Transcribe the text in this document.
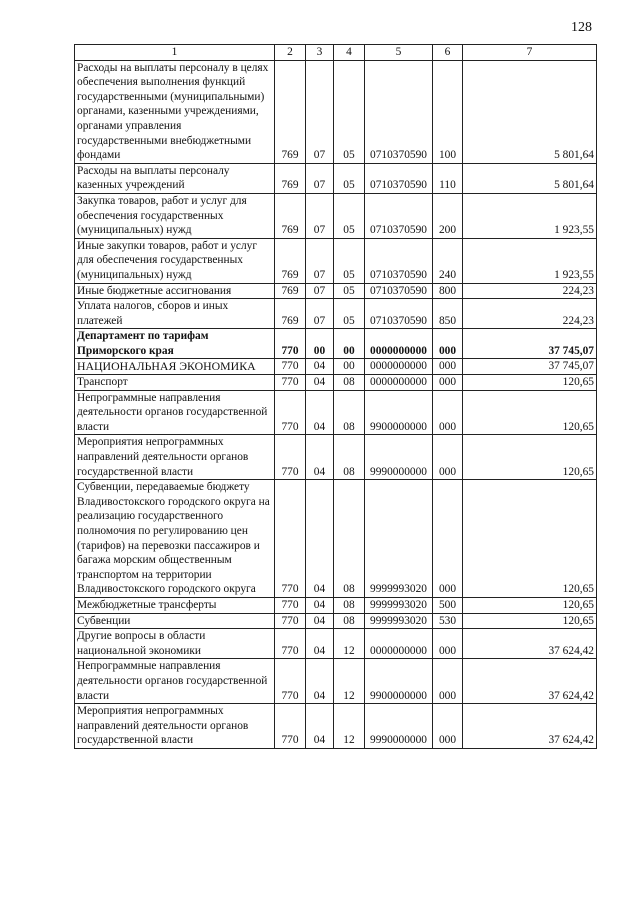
128
1	2	3	4	5	6	7
Расходы на выплаты персоналу в целях обеспечения выполнения функций государственными (муниципальными) органами, казенными учреждениями, органами управления государственными внебюджетными фондами	769	07	05	0710370590	100	5 801,64
Расходы на выплаты персоналу казенных учреждений	769	07	05	0710370590	110	5 801,64
Закупка товаров, работ и услуг для обеспечения государственных (муниципальных) нужд	769	07	05	0710370590	200	1 923,55
Иные закупки товаров, работ и услуг для обеспечения государственных (муниципальных) нужд	769	07	05	0710370590	240	1 923,55
Иные бюджетные ассигнования	769	07	05	0710370590	800	224,23
Уплата налогов, сборов и иных платежей	769	07	05	0710370590	850	224,23
Департамент по тарифам Приморского края	770	00	00	0000000000	000	37 745,07
НАЦИОНАЛЬНАЯ ЭКОНОМИКА	770	04	00	0000000000	000	37 745,07
Транспорт	770	04	08	0000000000	000	120,65
Непрограммные направления деятельности органов государственной власти	770	04	08	9900000000	000	120,65
Мероприятия непрограммных направлений деятельности органов государственной власти	770	04	08	9990000000	000	120,65
Субвенции, передаваемые бюджету Владивостокского городского округа на реализацию государственного полномочия по регулированию цен (тарифов) на перевозки пассажиров и багажа морским общественным транспортом на территории Владивостокского городского округа	770	04	08	9999993020	000	120,65
Межбюджетные трансферты	770	04	08	9999993020	500	120,65
Субвенции	770	04	08	9999993020	530	120,65
Другие вопросы в области национальной экономики	770	04	12	0000000000	000	37 624,42
Непрограммные направления деятельности органов государственной власти	770	04	12	9900000000	000	37 624,42
Мероприятия непрограммных направлений деятельности органов государственной власти	770	04	12	9990000000	000	37 624,42
